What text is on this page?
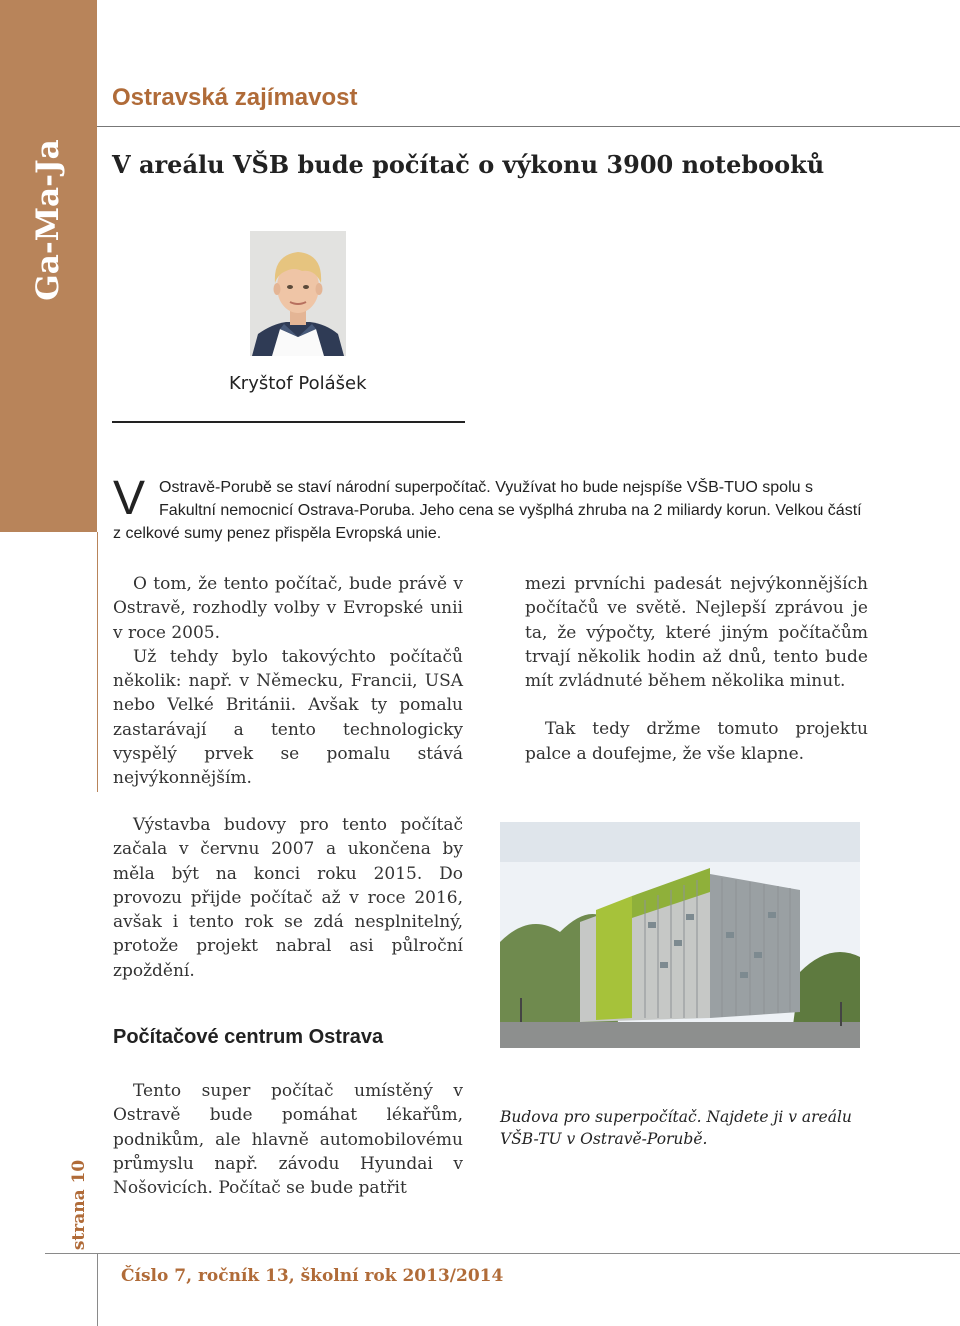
Ga-Ma-Ja
Ostravská zajímavost
V areálu VŠB bude počítač o výkonu 3900 notebooků
Kryštof Polášek
V Ostravě-Porubě se staví národní superpočítač. Využívat ho bude nejspíše VŠB-TUO spolu s Fakultní nemocnicí Ostrava-Poruba. Jeho cena se vyšplhá zhruba na 2 miliardy korun. Velkou částí z celkové sumy penez přispěla Evropská unie.

O tom, že tento počítač, bude právě v Ostravě, rozhodly volby v Evropské unii v roce 2005.

Už tehdy bylo takovýchto počítačů několik: např. v Německu, Francii, USA nebo Velké Británii. Avšak ty pomalu zastarávají a tento technologicky vyspělý prvek se pomalu stává nejvýkonnějším.

mezi prvníchi padesát nejvýkonnějších počítačů ve světě. Nejlepší zprávou je ta, že výpočty, které jiným počítačům trvají několik hodin až dnů, tento bude mít zvládnuté během několika minut.

Tak tedy držme tomuto projektu palce a doufejme, že vše klapne.

Výstavba budovy pro tento počítač začala v červnu 2007 a ukončena by měla být na konci roku 2015. Do provozu přijde počítač až v roce 2016, avšak i tento rok se zdá nesplnitelný, protože projekt nabral asi půlroční zpoždění.

Počítačové centrum Ostrava

Tento super počítač umístěný v Ostravě bude pomáhat lékařům, podnikům, ale hlavně automobilovému průmyslu např. závodu Hyundai v Nošovicích. Počítač se bude patřit

Budova pro superpočítač. Najdete ji v areálu VŠB-TU v Ostravě-Porubě.
strana 10
Číslo 7, ročník 13, školní rok 2013/2014
